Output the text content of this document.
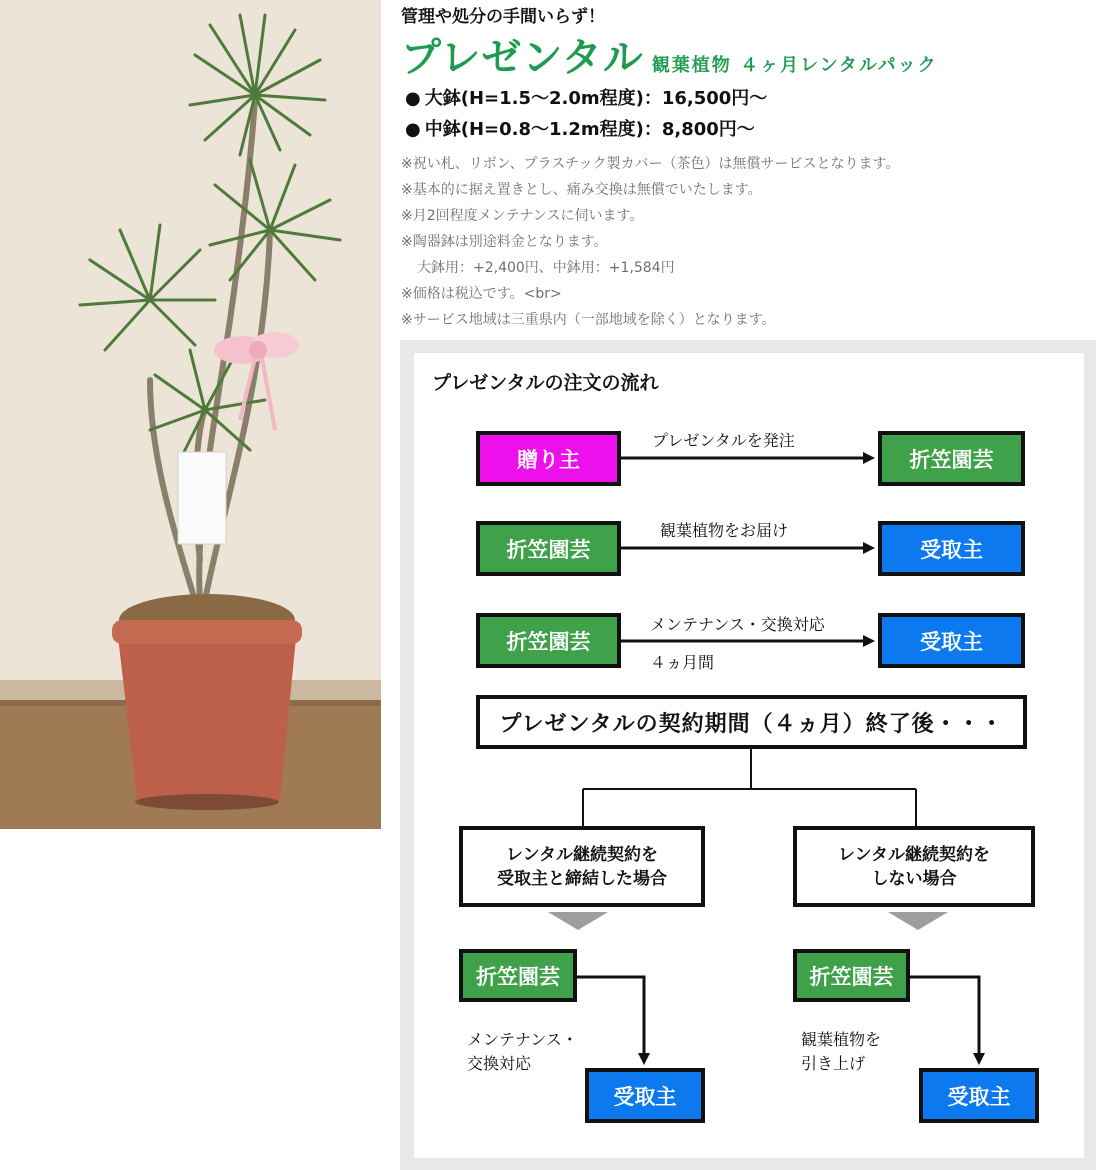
管理や処分の手間いらず！
プレゼンタル 観葉植物 ４ヶ月レンタルパック
● 大鉢(H=1.5〜2.0m程度)：16,500円〜
● 中鉢(H=0.8〜1.2m程度)：8,800円〜
※祝い札、リボン、プラスチック製カバー（茶色）は無償サービスとなります。
※基本的に据え置きとし、痛み交換は無償でいたします。
※月2回程度メンテナンスに伺います。
※陶器鉢は別途料金となります。
大鉢用：+2,400円、中鉢用：+1,584円
※価格は税込です。<br>
※サービス地域は三重県内（一部地域を除く）となります。
プレゼンタルの注文の流れ
贈り主
プレゼンタルを発注
折笠園芸
折笠園芸
観葉植物をお届け
受取主
折笠園芸
メンテナンス・交換対応
４ヵ月間
受取主
プレゼンタルの契約期間（４ヵ月）終了後・・・
レンタル継続契約を
受取主と締結した場合
折笠園芸
メンテナンス・
交換対応
受取主
レンタル継続契約を
しない場合
折笠園芸
観葉植物を
引き上げ
受取主
